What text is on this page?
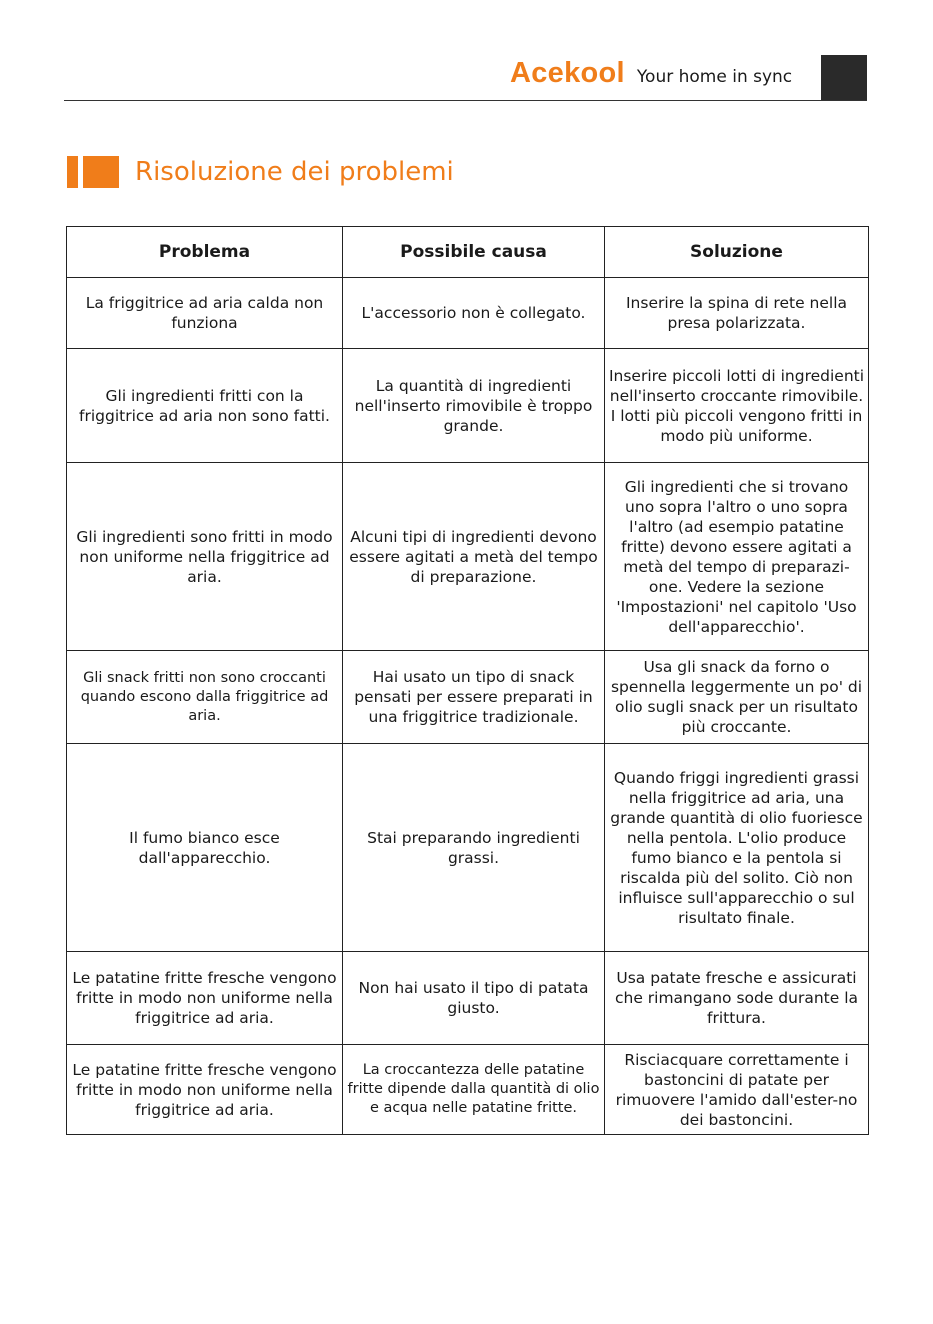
Acekool Your home in sync
Risoluzione dei problemi
Problema	Possibile causa	Soluzione
La friggitrice ad aria calda non funziona	L'accessorio non è collegato.	Inserire la spina di rete nella presa polarizzata.
Gli ingredienti fritti con la friggitrice ad aria non sono fatti.	La quantità di ingredienti nell'inserto rimovibile è troppo grande.	Inserire piccoli lotti di ingredienti nell'inserto croccante rimovibile. I lotti più piccoli vengono fritti in modo più uniforme.
Gli ingredienti sono fritti in modo non uniforme nella friggitrice ad aria.	Alcuni tipi di ingredienti devono essere agitati a metà del tempo di preparazione.	Gli ingredienti che si trovano uno sopra l'altro o uno sopra l'altro (ad esempio patatine fritte) devono essere agitati a metà del tempo di preparazi-one. Vedere la sezione 'Impostazioni' nel capitolo 'Uso dell'apparecchio'.
Gli snack fritti non sono croccanti quando escono dalla friggitrice ad aria.	Hai usato un tipo di snack pensati per essere preparati in una friggitrice tradizionale.	Usa gli snack da forno o spennella leggermente un po' di olio sugli snack per un risultato più croccante.
Il fumo bianco esce dall'apparecchio.	Stai preparando ingredienti grassi.	Quando friggi ingredienti grassi nella friggitrice ad aria, una grande quantità di olio fuoriesce nella pentola. L'olio produce fumo bianco e la pentola si riscalda più del solito. Ciò non influisce sull'apparecchio o sul risultato finale.
Le patatine fritte fresche vengono fritte in modo non uniforme nella friggitrice ad aria.	Non hai usato il tipo di patata giusto.	Usa patate fresche e assicurati che rimangano sode durante la frittura.
Le patatine fritte fresche vengono fritte in modo non uniforme nella friggitrice ad aria.	La croccantezza delle patatine fritte dipende dalla quantità di olio e acqua nelle patatine fritte.	Risciacquare correttamente i bastoncini di patate per rimuovere l'amido dall'ester-no dei bastoncini.
